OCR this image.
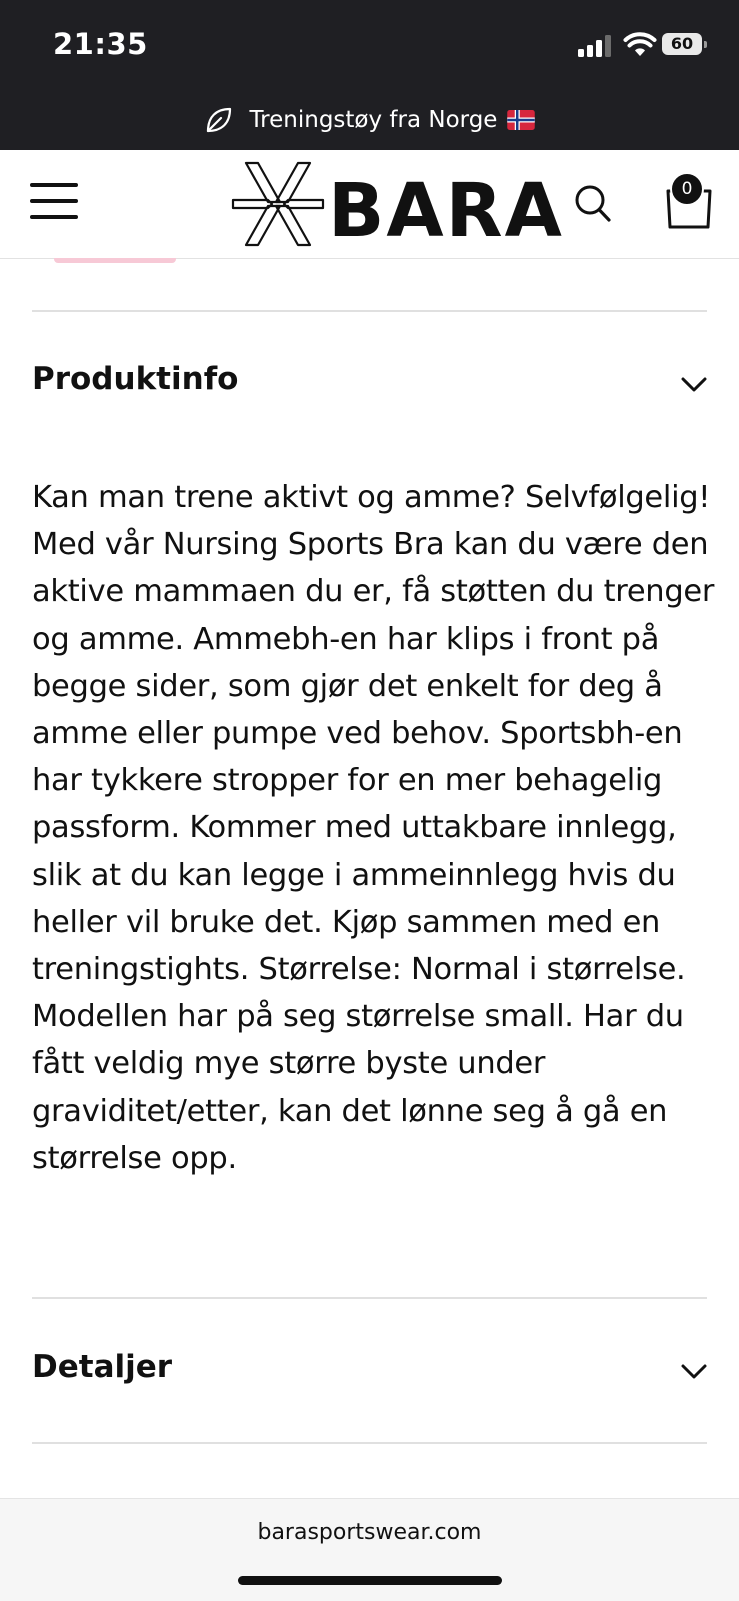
21:35	60
Treningstøy fra Norge
BARA	0
Produktinfo

Kan man trene aktivt og amme? Selvfølgelig! Med vår Nursing Sports Bra kan du være den aktive mammaen du er, få støtten du trenger og amme. Ammebh-en har klips i front på begge sider, som gjør det enkelt for deg å amme eller pumpe ved behov. Sportsbh-en har tykkere stropper for en mer behagelig passform. Kommer med uttakbare innlegg, slik at du kan legge i ammeinnlegg hvis du heller vil bruke det. Kjøp sammen med en treningstights. Størrelse: Normal i størrelse. Modellen har på seg størrelse small. Har du fått veldig mye større byste under graviditet/etter, kan det lønne seg å gå en størrelse opp.

Detaljer
barasportswear.com
